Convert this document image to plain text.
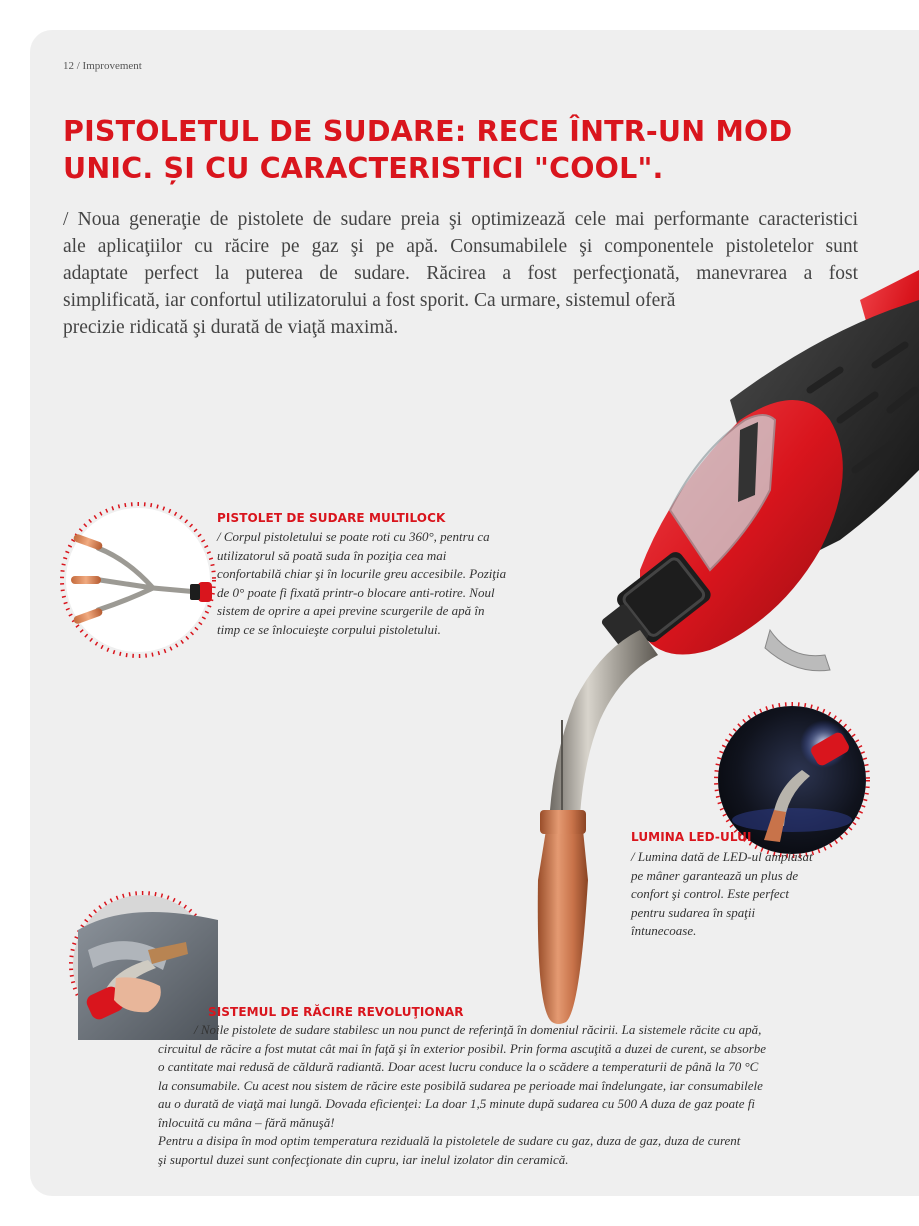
12 / Improvement
PISTOLETUL DE SUDARE: RECE ÎNTR-UN MOD UNIC. ȘI CU CARACTERISTICI "COOL".
/ Noua generaţie de pistolete de sudare preia şi optimizează cele mai performante caracteristici
ale aplicaţiilor cu răcire pe gaz şi pe apă. Consumabilele şi componentele pistoletelor sunt
adaptate perfect la puterea de sudare. Răcirea a fost perfecţionată, manevrarea a fost
simplificată, iar confortul utilizatorului a fost sporit. Ca urmare, sistemul oferă
precizie ridicată şi durată de viaţă maximă.
PISTOLET DE SUDARE MULTILOCK
/ Corpul pistoletului se poate roti cu 360°, pentru ca
utilizatorul să poată suda în poziţia cea mai
confortabilă chiar şi în locurile greu accesibile. Poziţia
de 0° poate fi fixată printr-o blocare anti-rotire. Noul
sistem de oprire a apei previne scurgerile de apă în
timp ce se înlocuieşte corpului pistoletului.
LUMINA LED-ULUI
/ Lumina dată de LED-ul amplasat
pe mâner garantează un plus de
confort şi control. Este perfect
pentru sudarea în spaţii
întunecoase.
SISTEMUL DE RĂCIRE REVOLUŢIONAR
/ Noile pistolete de sudare stabilesc un nou punct de referinţă în domeniul răcirii. La sistemele răcite cu apă,
circuitul de răcire a fost mutat cât mai în faţă şi în exterior posibil. Prin forma ascuţită a duzei de curent, se absorbe
o cantitate mai redusă de căldură radiantă. Doar acest lucru conduce la o scădere a temperaturii de până la 70 °C
la consumabile. Cu acest nou sistem de răcire este posibilă sudarea pe perioade mai îndelungate, iar consumabilele
au o durată de viaţă mai lungă. Dovada eficienţei: La doar 1,5 minute după sudarea cu 500 A duza de gaz poate fi
înlocuită cu mâna – fără mănuşă!
Pentru a disipa în mod optim temperatura reziduală la pistoletele de sudare cu gaz, duza de gaz, duza de curent
şi suportul duzei sunt confecţionate din cupru, iar inelul izolator din ceramică.
